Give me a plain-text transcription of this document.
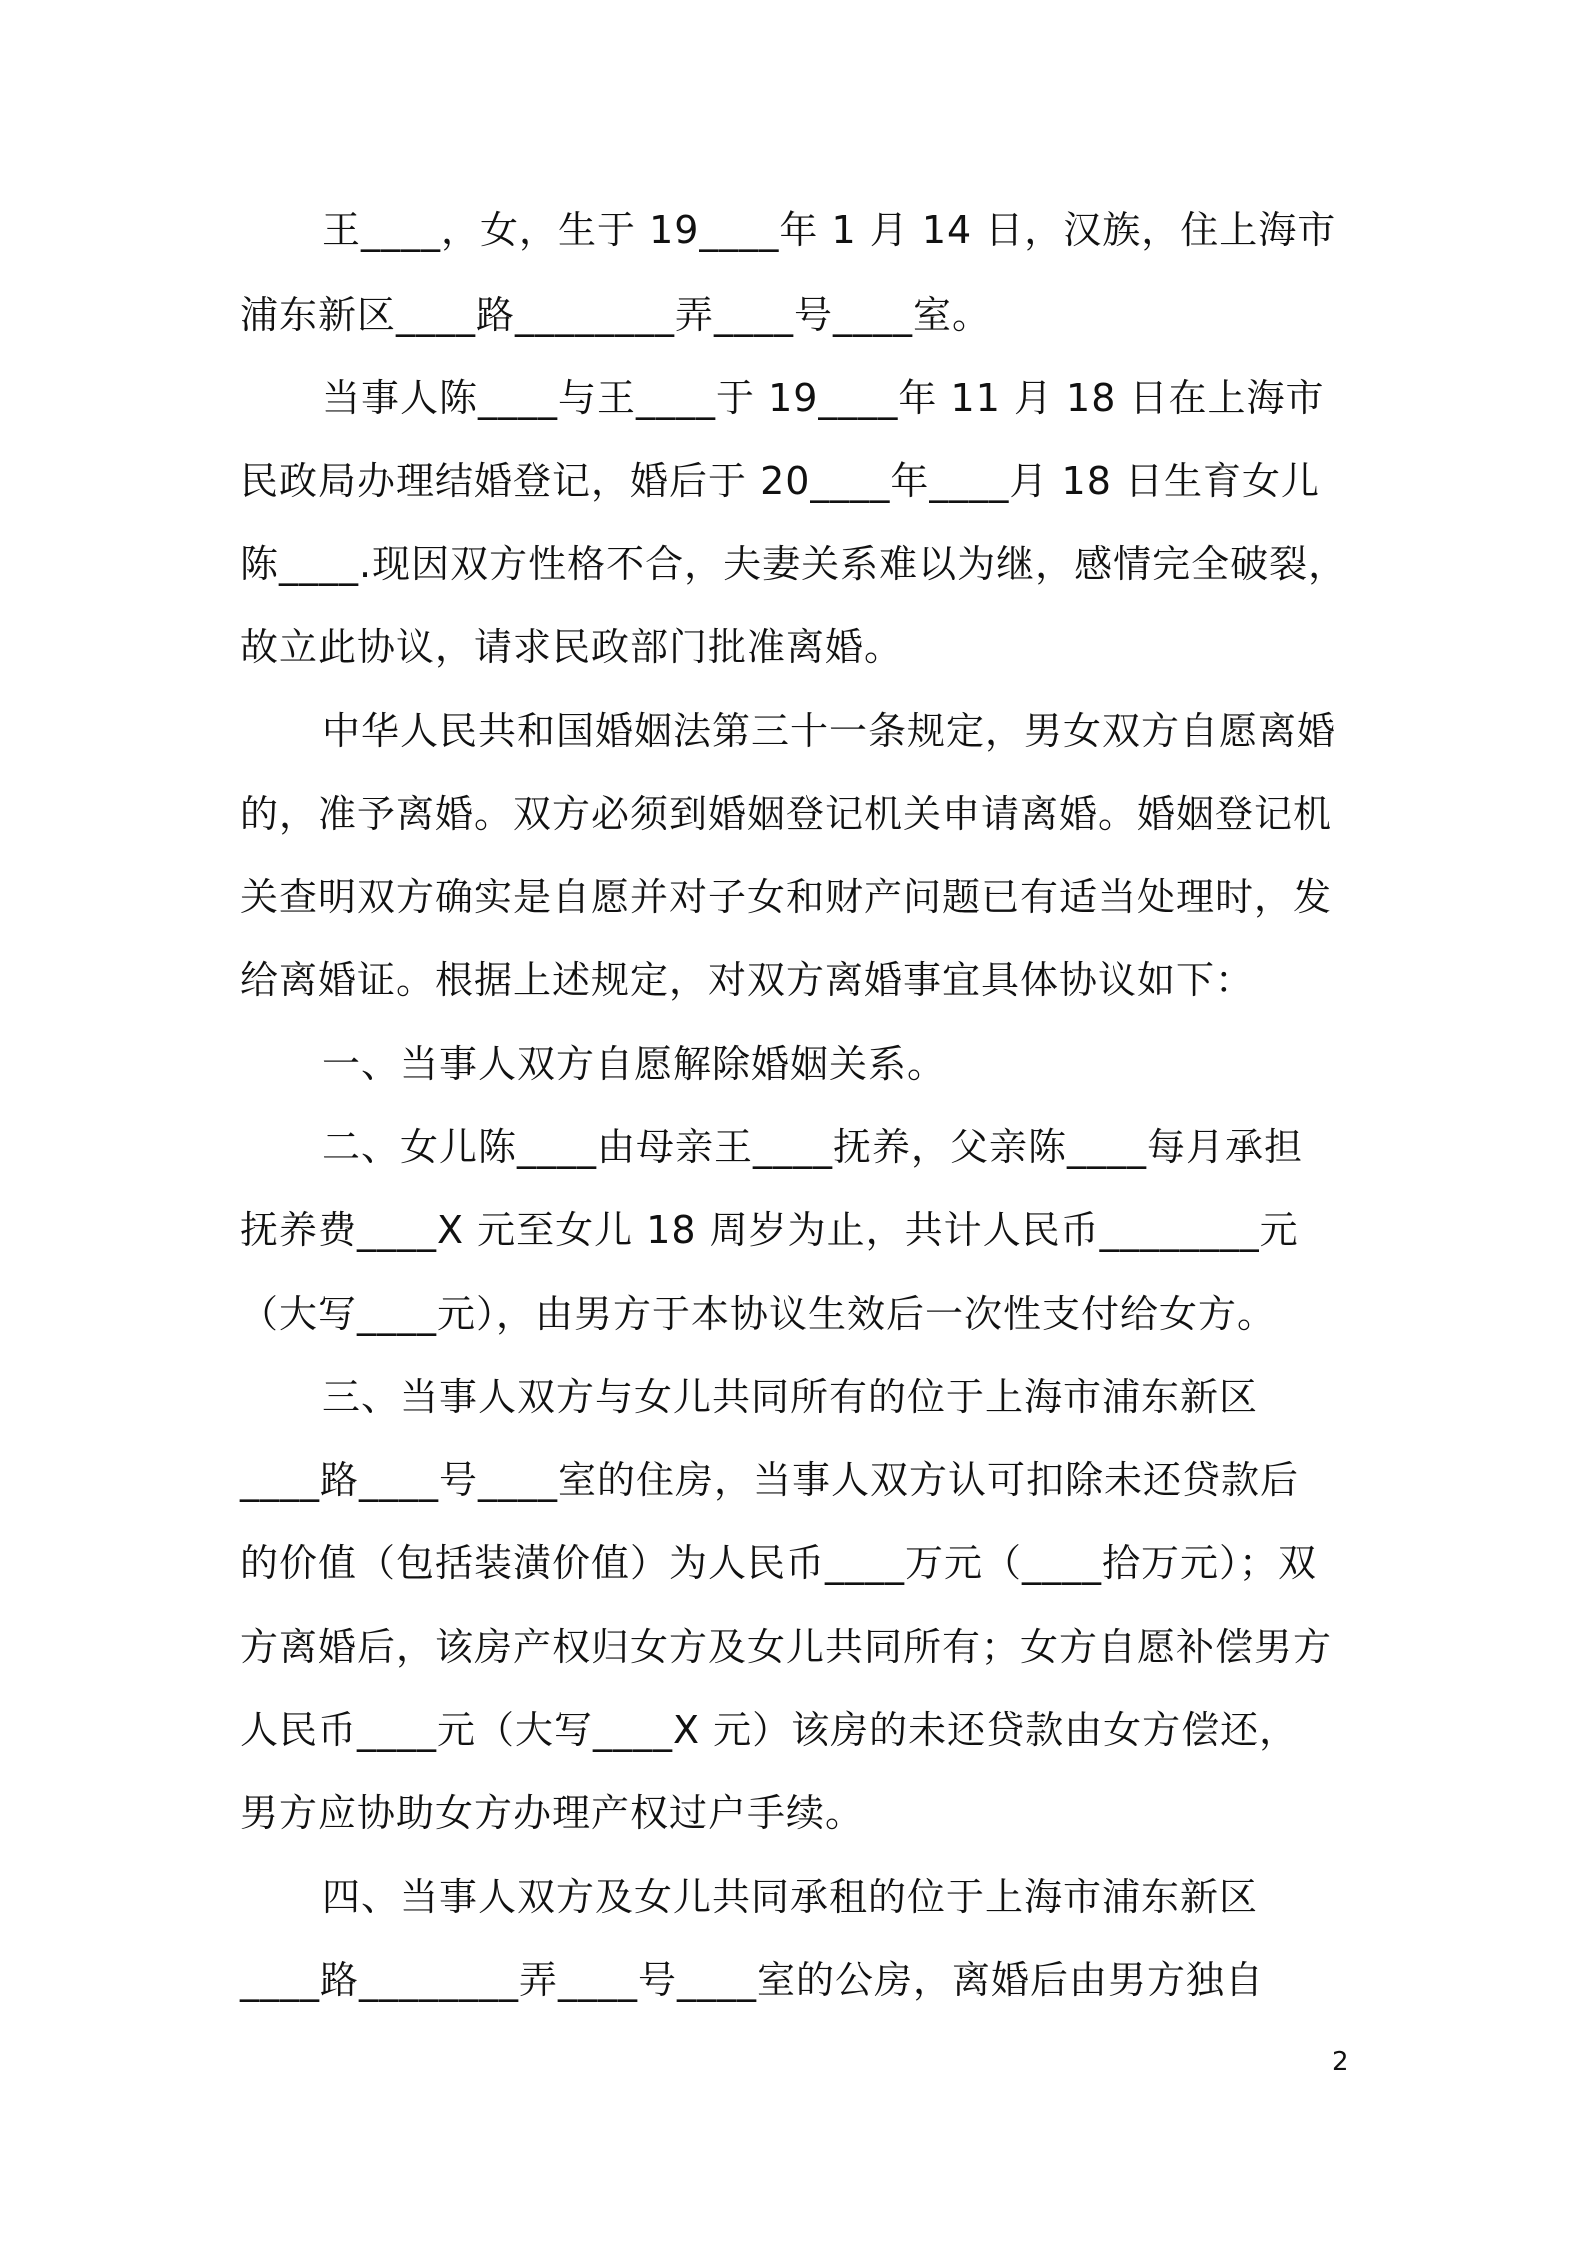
王____，女，生于 19____年 1 月 14 日，汉族，住上海市
浦东新区____路________弄____号____室。
当事人陈____与王____于 19____年 11 月 18 日在上海市
民政局办理结婚登记，婚后于 20____年____月 18 日生育女儿
陈____.现因双方性格不合，夫妻关系难以为继，感情完全破裂，
故立此协议，请求民政部门批准离婚。
中华人民共和国婚姻法第三十一条规定，男女双方自愿离婚
的，准予离婚。双方必须到婚姻登记机关申请离婚。婚姻登记机
关查明双方确实是自愿并对子女和财产问题已有适当处理时，发
给离婚证。根据上述规定，对双方离婚事宜具体协议如下：
一、当事人双方自愿解除婚姻关系。
二、女儿陈____由母亲王____抚养，父亲陈____每月承担
抚养费____X 元至女儿 18 周岁为止，共计人民币________元
（大写____元），由男方于本协议生效后一次性支付给女方。
三、当事人双方与女儿共同所有的位于上海市浦东新区
____路____号____室的住房，当事人双方认可扣除未还贷款后
的价值（包括装潢价值）为人民币____万元（____拾万元）；双
方离婚后，该房产权归女方及女儿共同所有；女方自愿补偿男方
人民币____元（大写____X 元）该房的未还贷款由女方偿还，
男方应协助女方办理产权过户手续。
四、当事人双方及女儿共同承租的位于上海市浦东新区
____路________弄____号____室的公房，离婚后由男方独自
2
